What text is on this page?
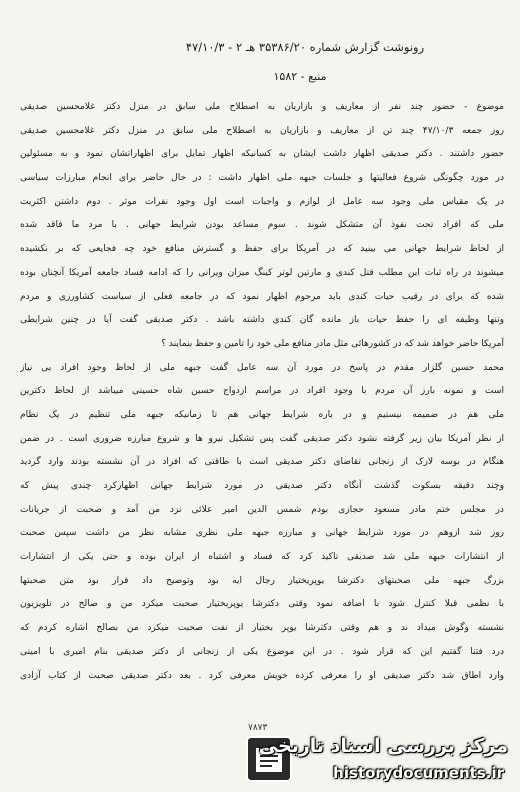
رونوشت گزارش شماره ۳۵۳۸۶/۲۰ هـ ۲ - ۴۷/۱۰/۳
منبع - ۱۵۸۲
موضوع - حضور چند نفر از معاریف و بازاریان به اصطلاح ملی سابق در منزل دکتر غلامحسین صدیقی
روز جمعه ۴۷/۱۰/۳ چند تن از معاریف و بازاریان به اصطلاح ملی سابق در منزل دکتر غلامحسین صدیقی
حضور داشتند . دکتر صدیقی اظهار داشت ایشان به کسانیکه اظهار تمایل برای اظهاراتشان نمود و به مسئولین
در مورد چگونگی شروع فعالیتها و جلسات جبهه ملی اظهار داشت : در حال حاضر برای انجام مبارزات سیاسی
در یک مقیاس ملی وجود سه عامل از لوازم و واجبات است اول وجود نفرات موثر . دوم داشتن اکثریت
ملی که افراد تحت نفوذ آن متشکل شوند . سوم مساعد بودن شرایط جهانی . با مرد ما فاقد شده
از لحاظ شرایط جهانی می بینید که در آمریکا برای حفظ و گسترش منافع خود چه فجایعی که بر نکشیده
میشوند در راه ثبات این مطلب قتل کندی و مارتین لوتر کینگ میزان ویرانی را که ادامه فساد جامعه آمریکا آنچنان بوده
شده که برای در رقیب حیات کندی باید مرحوم اظهار نمود که در جامعه فعلی از سیاست کشاورزی و مردم
وتنها وظیفه ای را حفظ حیات باز مانده گان کندی داشته باشد . دکتر صدیقی گفت آیا در چنین شرایطی
آمریکا حاضر خواهد شد که در کشورهائی مثل مادر منافع ملی خود را تامین و حفظ بنمایند ؟
محمد حسین گلزار مقدم در پاسخ در مورد آن سه عامل گفت جبهه ملی از لحاظ وجود افراد بی نیاز
است و نمونه بارز آن مردم با وجود افراد در مراسم ازدواج حسین شاه حسینی میباشد از لحاظ دکترین
ملی هم در ضمیمه نیستیم و در باره شرایط جهانی هم تا زمانیکه جبهه ملی تنظیم در یک نظام
از نظر آمریکا بیان زیر گرفته نشود دکتر صدیقی گفت پس تشکیل نیرو ها و شروع مبارزه ضروری است . در ضمن
هنگام در بوسه لارک از زنجانی تقاضای دکتر صدیقی است با طاقتی که افراد در آن نشسته بودند وارد گردید
وچند دقیقه بسکوت گذشت آنگاه دکتر صدیقی در مورد شرایط جهانی اظهارکرد چندی پیش که
در مجلس ختم مادر مسعود حجازی بودم شمس الدین امیر علائی نزد من آمد و صحبت از جریانات
روز شد ازوهم در مورد شرایط جهانی و مبارزه جبهه ملی نظری مشابه نظر من داشت سپس صحبت
از انتشارات جبهه ملی شد صدیقی تاکید کرد که فساد و اشتباه از ایران بوده و حتی یکی از انتشارات
بزرگ جبهه ملی صحبتهای دکترشا یوپریختیار رجال ایه بود وتوضیح داد قرار بود متن صحبتها
با نظمی قبلا کنترل شود با اضافه نمود وقتی دکترشا یوپریختیار صحبت میکرد من و صالح در تلویزیون
نشسته وگوش میداد ند و هم وقتی دکترشا یوپر بختیار از نفت صحبت میکرد من بصالح اشاره کردم که
درد فتنا گفتیم این که قرار شود . در این موضوع یکی از زنجانی از دکتر صدیقی بنام امیری با امینی
وارد اطاق شد دکتر صدیقی او را معرفی کرده خویش معرفی کرد . بعد دکتر صدیقی صحبت از کتاب آزادی
۷۸۷۳
مرکز بررسی اسناد تاریخی
historydocuments.ir
